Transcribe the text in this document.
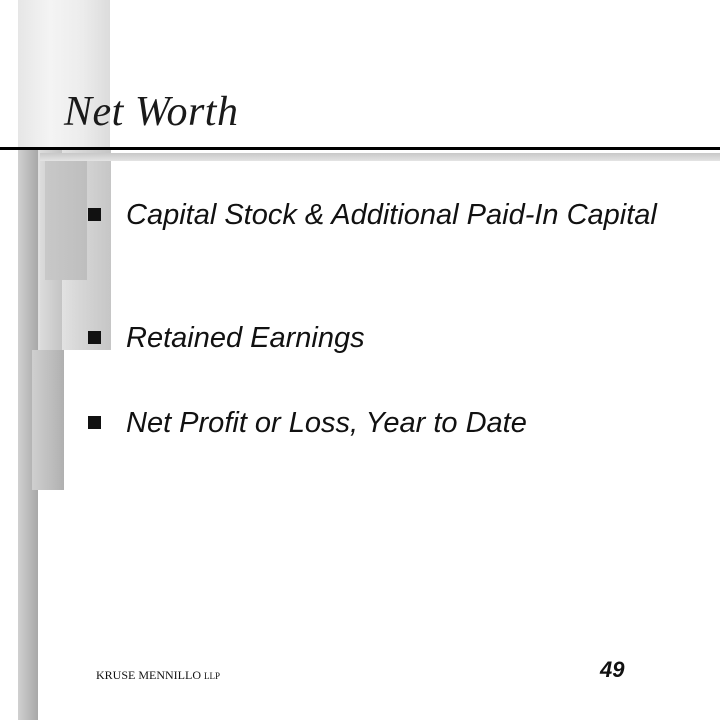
Net Worth
Capital Stock & Additional Paid-In Capital
Retained Earnings
Net Profit or Loss, Year to Date
KRUSE MENNILLO LLP	49
